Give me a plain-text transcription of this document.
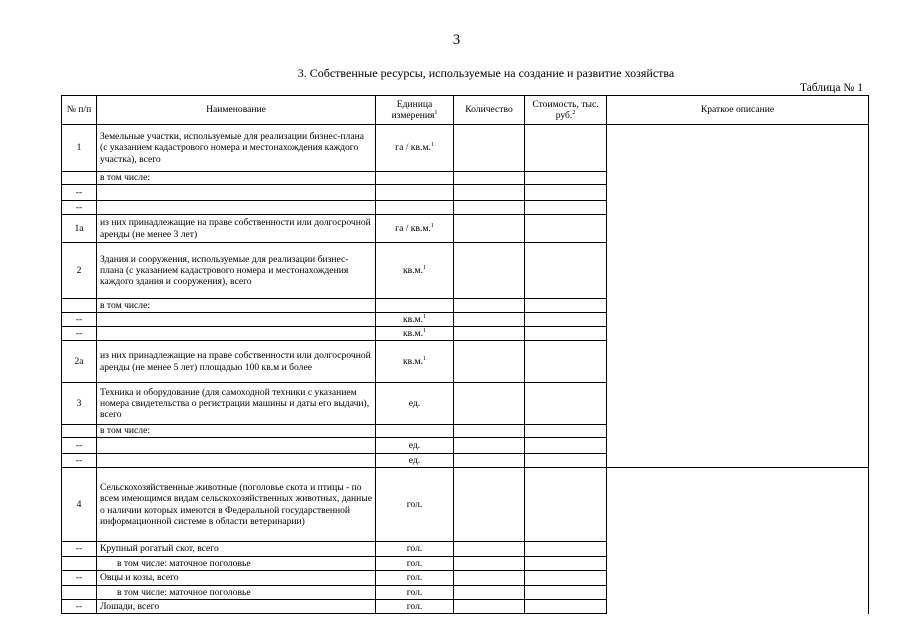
3
3. Собственные ресурсы, используемые на создание и развитие хозяйства
Таблица № 1
№ п/п	Наименование	Единица измерения$^1$	Количество	Стоимость, тыс. руб.$^2$	Краткое описание
1	Земельные участки, используемые для реализации бизнес-плана (с указанием кадастрового номера и местонахождения каждого участка), всего	га / кв.м.$^1$			
	в том числе:				
--					
--					
1а	из них принадлежащие на праве собственности или долгосрочной аренды (не менее 3 лет)	га / кв.м.$^1$		
2	Здания и сооружения, используемые для реализации бизнес-плана (с указанием кадастрового номера и местонахождения каждого здания и сооружения), всего	кв.м.$^1$		
	в том числе:				
--		кв.м.$^1$		
--		кв.м.$^1$		
2а	из них принадлежащие на праве собственности или долгосрочной аренды (не менее 5 лет) площадью 100 кв.м и более	кв.м.$^1$		
3	Техника и оборудование (для самоходной техники с указанием номера свидетельства о регистрации машины и даты его выдачи), всего	ед.			
	в том числе:				
--		ед.			
--		ед.			
4	Сельскохозяйственные животные (поголовье скота и птицы - по всем имеющимся видам сельскохозяйственных животных, данные о наличии которых имеются в Федеральной государственной информационной системе в области ветеринарии)	гол.			
--	Крупный рогатый скот, всего	гол.			
	в том числе: маточное поголовье	гол.			
--	Овцы и козы, всего	гол.			
	в том числе: маточное поголовье	гол.			
--	Лошади, всего	гол.			
